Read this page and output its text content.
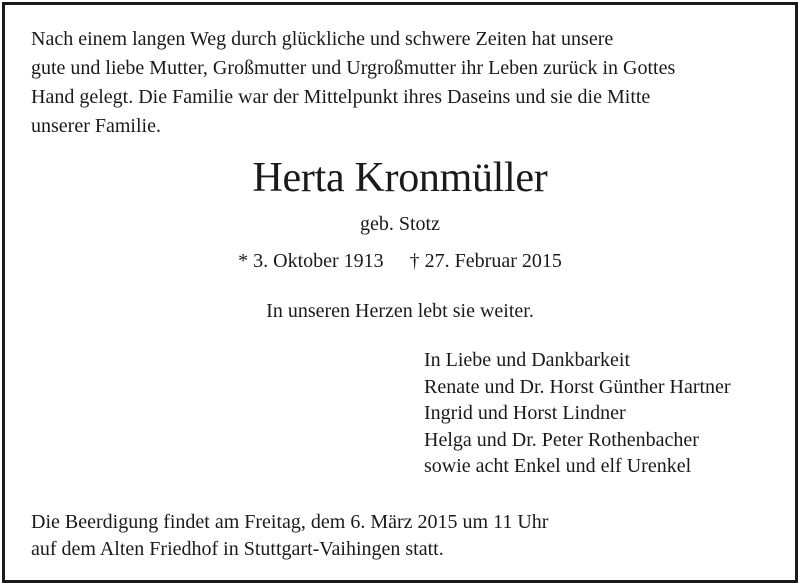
Nach einem langen Weg durch glückliche und schwere Zeiten hat unsere
gute und liebe Mutter, Großmutter und Urgroßmutter ihr Leben zurück in Gottes
Hand gelegt. Die Familie war der Mittelpunkt ihres Daseins und sie die Mitte
unserer Familie.
Herta Kronmüller
geb. Stotz
* 3. Oktober 1913 † 27. Februar 2015
In unseren Herzen lebt sie weiter.
In Liebe und Dankbarkeit
Renate und Dr. Horst Günther Hartner
Ingrid und Horst Lindner
Helga und Dr. Peter Rothenbacher
sowie acht Enkel und elf Urenkel
Die Beerdigung findet am Freitag, dem 6. März 2015 um 11 Uhr
auf dem Alten Friedhof in Stuttgart-Vaihingen statt.
